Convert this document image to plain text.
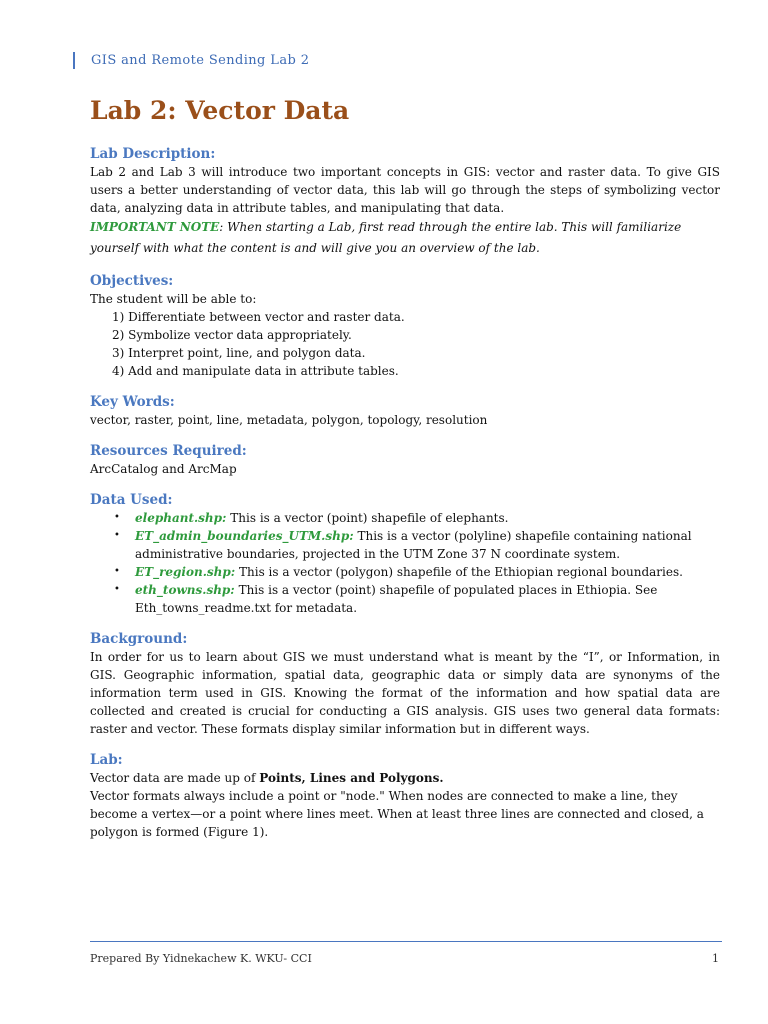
GIS and Remote Sending Lab 2
Lab 2: Vector Data
Lab Description:

Lab 2 and Lab 3 will introduce two important concepts in GIS: vector and raster data. To give GIS users a better understanding of vector data, this lab will go through the steps of symbolizing vector data, analyzing data in attribute tables, and manipulating that data.

IMPORTANT NOTE: When starting a Lab, first read through the entire lab. This will familiarize yourself with what the content is and will give you an overview of the lab.

Objectives:

The student will be able to:

1) Differentiate between vector and raster data.
2) Symbolize vector data appropriately.
3) Interpret point, line, and polygon data.
4) Add and manipulate data in attribute tables.
Key Words:

vector, raster, point, line, metadata, polygon, topology, resolution

Resources Required:

ArcCatalog and ArcMap

Data Used:
• elephant.shp: This is a vector (point) shapefile of elephants.
• ET_admin_boundaries_UTM.shp: This is a vector (polyline) shapefile containing national administrative boundaries, projected in the UTM Zone 37 N coordinate system.
• ET_region.shp: This is a vector (polygon) shapefile of the Ethiopian regional boundaries.
• eth_towns.shp: This is a vector (point) shapefile of populated places in Ethiopia. See Eth_towns_readme.txt for metadata.
Background:

In order for us to learn about GIS we must understand what is meant by the “I”, or Information, in GIS. Geographic information, spatial data, geographic data or simply data are synonyms of the information term used in GIS. Knowing the format of the information and how spatial data are collected and created is crucial for conducting a GIS analysis. GIS uses two general data formats: raster and vector. These formats display similar information but in different ways.

Lab:

Vector data are made up of Points, Lines and Polygons.

Vector formats always include a point or "node." When nodes are connected to make a line, they become a vertex—or a point where lines meet. When at least three lines are connected and closed, a polygon is formed (Figure 1).

Prepared By Yidnekachew K. WKU- CCI	1
